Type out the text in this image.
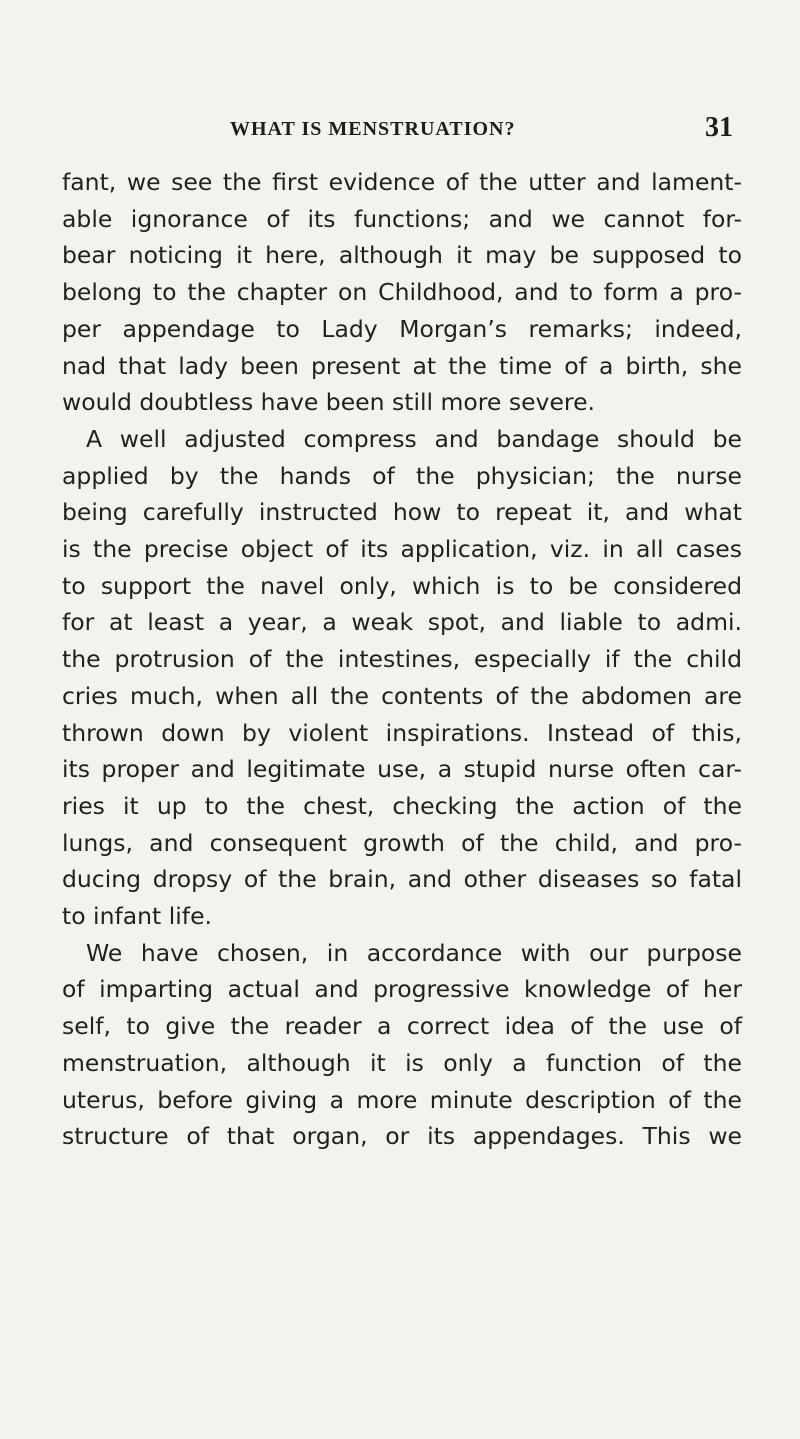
WHAT IS MENSTRUATION?	31
fant, we see the first evidence of the utter and lament-
able ignorance of its functions; and we cannot for-
bear noticing it here, although it may be supposed to
belong to the chapter on Childhood, and to form a pro-
per appendage to Lady Morgan’s remarks; indeed,
nad that lady been present at the time of a birth, she
would doubtless have been still more severe.
A well adjusted compress and bandage should be
applied by the hands of the physician; the nurse
being carefully instructed how to repeat it, and what
is the precise object of its application, viz. in all cases
to support the navel only, which is to be considered
for at least a year, a weak spot, and liable to admi.
the protrusion of the intestines, especially if the child
cries much, when all the contents of the abdomen are
thrown down by violent inspirations. Instead of this,
its proper and legitimate use, a stupid nurse often car-
ries it up to the chest, checking the action of the
lungs, and consequent growth of the child, and pro-
ducing dropsy of the brain, and other diseases so fatal
to infant life.
We have chosen, in accordance with our purpose
of imparting actual and progressive knowledge of her
self, to give the reader a correct idea of the use of
menstruation, although it is only a function of the
uterus, before giving a more minute description of the
structure of that organ, or its appendages. This we
